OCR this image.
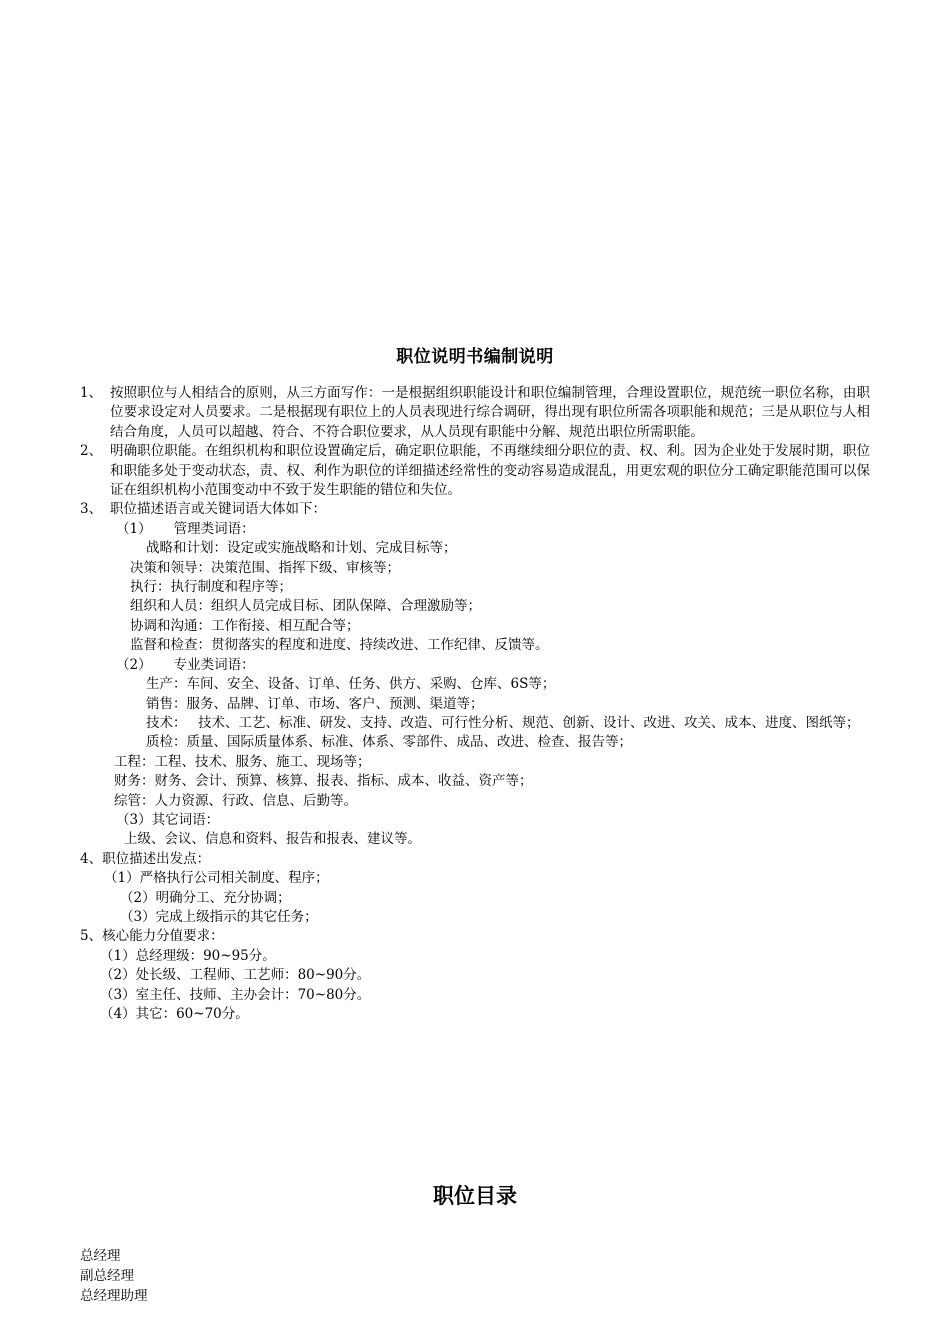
职位说明书编制说明
1、 按照职位与人相结合的原则，从三方面写作：一是根据组织职能设计和职位编制管理，合理设置职位，规范统一职位名称，由职位要求设定对人员要求。二是根据现有职位上的人员表现进行综合调研，得出现有职位所需各项职能和规范；三是从职位与人相结合角度，人员可以超越、符合、不符合职位要求，从人员现有职能中分解、规范出职位所需职能。
2、 明确职位职能。在组织机构和职位设置确定后，确定职位职能，不再继续细分职位的责、权、利。因为企业处于发展时期，职位和职能多处于变动状态，责、权、利作为职位的详细描述经常性的变动容易造成混乱，用更宏观的职位分工确定职能范围可以保证在组织机构小范围变动中不致于发生职能的错位和失位。
3、 职位描述语言或关键词语大体如下：
（1） 管理类词语：
战略和计划：设定或实施战略和计划、完成目标等；
决策和领导：决策范围、指挥下级、审核等；
执行：执行制度和程序等；
组织和人员：组织人员完成目标、团队保障、合理激励等；
协调和沟通：工作衔接、相互配合等；
监督和检查：贯彻落实的程度和进度、持续改进、工作纪律、反馈等。
（2） 专业类词语：
生产：车间、安全、设备、订单、任务、供方、采购、仓库、6S等；
销售：服务、品牌、订单、市场、客户、预测、渠道等；
技术： 技术、工艺、标准、研发、支持、改造、可行性分析、规范、创新、设计、改进、攻关、成本、进度、图纸等；
质检：质量、国际质量体系、标准、体系、零部件、成品、改进、检查、报告等；
工程：工程、技术、服务、施工、现场等；
财务：财务、会计、预算、核算、报表、指标、成本、收益、资产等；
综管：人力资源、行政、信息、后勤等。
（3）其它词语：
上级、会议、信息和资料、报告和报表、建议等。
4、职位描述出发点：
（1）严格执行公司相关制度、程序；
（2）明确分工、充分协调；
（3）完成上级指示的其它任务；
5、核心能力分值要求：
（1）总经理级：90~95分。
（2）处长级、工程师、工艺师：80~90分。
（3）室主任、技师、主办会计：70~80分。
（4）其它：60~70分。
职位目录
总经理
副总经理
总经理助理
